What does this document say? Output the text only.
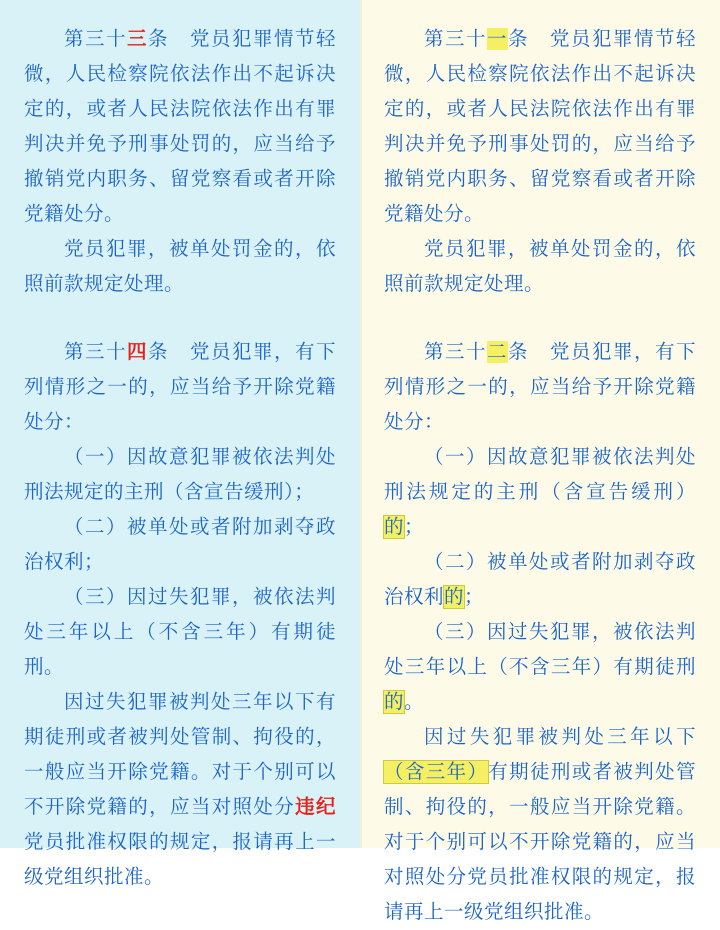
第三十三条　 党员犯罪情节轻微，人民检察院依法作出不起诉决定的，或者人民法院依法作出有罪判决并免予刑事处罚的，应当给予撤销党内职务、留党察看或者开除党籍处分。

党员犯罪，被单处罚金的，依照前款规定处理。

第三十四条　 党员犯罪，有下列情形之一的，应当给予开除党籍处分：

（一）因故意犯罪被依法判处刑法规定的主刑（含宣告缓刑）；

（二）被单处或者附加剥夺政治权利；

（三）因过失犯罪，被依法判处三年以上（不含三年）有期徒刑。

因过失犯罪被判处三年以下有期徒刑或者被判处管制、拘役的，一般应当开除党籍。对于个别可以不开除党籍的，应当对照处分违纪党员批准权限的规定，报请再上一级党组织批准。

第三十一条　 党员犯罪情节轻微，人民检察院依法作出不起诉决定的，或者人民法院依法作出有罪判决并免予刑事处罚的，应当给予撤销党内职务、留党察看或者开除党籍处分。

党员犯罪，被单处罚金的，依照前款规定处理。

第三十二条　 党员犯罪，有下列情形之一的，应当给予开除党籍处分：

（一）因故意犯罪被依法判处刑法规定的主刑（含宣告缓刑）的；

（二）被单处或者附加剥夺政治权利的；

（三）因过失犯罪，被依法判处三年以上（不含三年）有期徒刑的。

因过失犯罪被判处三年以下（含三年）有期徒刑或者被判处管制、拘役的，一般应当开除党籍。对于个别可以不开除党籍的，应当对照处分党员批准权限的规定，报请再上一级党组织批准。
